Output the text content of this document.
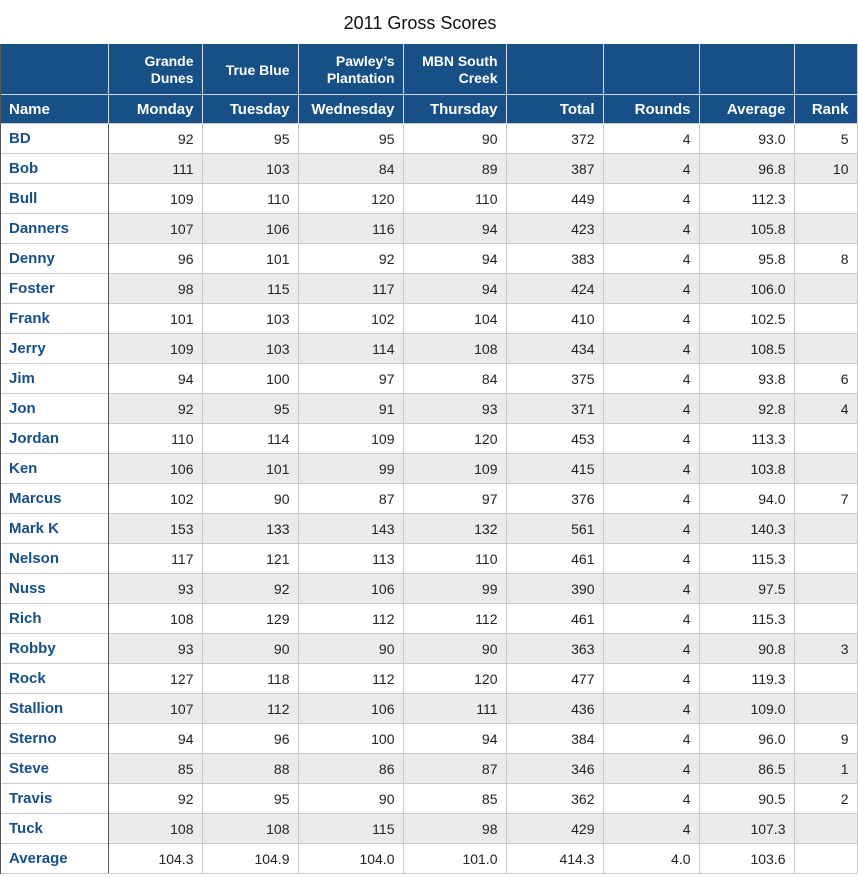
2011 Gross Scores
	Grande Dunes	True Blue	Pawley’s Plantation	MBN South Creek				
Name	Monday	Tuesday	Wednesday	Thursday	Total	Rounds	Average	Rank
BD	92	95	95	90	372	4	93.0	5
Bob	111	103	84	89	387	4	96.8	10
Bull	109	110	120	110	449	4	112.3	
Danners	107	106	116	94	423	4	105.8	
Denny	96	101	92	94	383	4	95.8	8
Foster	98	115	117	94	424	4	106.0	
Frank	101	103	102	104	410	4	102.5	
Jerry	109	103	114	108	434	4	108.5	
Jim	94	100	97	84	375	4	93.8	6
Jon	92	95	91	93	371	4	92.8	4
Jordan	110	114	109	120	453	4	113.3	
Ken	106	101	99	109	415	4	103.8	
Marcus	102	90	87	97	376	4	94.0	7
Mark K	153	133	143	132	561	4	140.3	
Nelson	117	121	113	110	461	4	115.3	
Nuss	93	92	106	99	390	4	97.5	
Rich	108	129	112	112	461	4	115.3	
Robby	93	90	90	90	363	4	90.8	3
Rock	127	118	112	120	477	4	119.3	
Stallion	107	112	106	111	436	4	109.0	
Sterno	94	96	100	94	384	4	96.0	9
Steve	85	88	86	87	346	4	86.5	1
Travis	92	95	90	85	362	4	90.5	2
Tuck	108	108	115	98	429	4	107.3	
Average	104.3	104.9	104.0	101.0	414.3	4.0	103.6	
